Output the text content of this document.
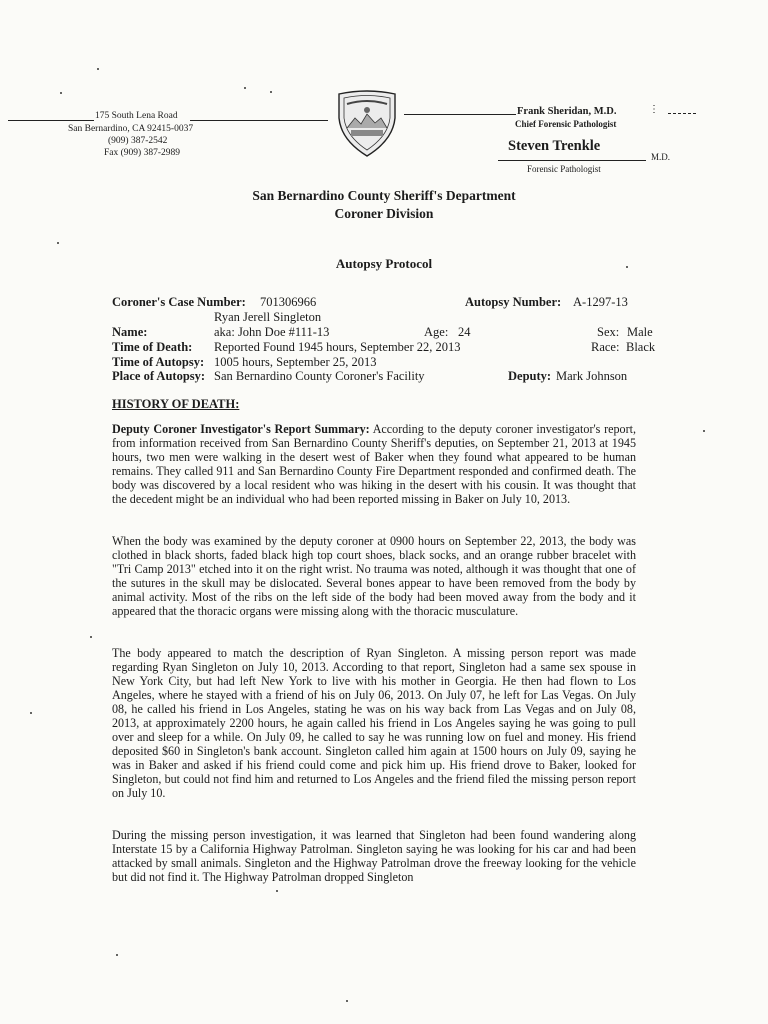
175 South Lena Road
San Bernardino, CA 92415-0037
(909) 387-2542
Fax (909) 387-2989
Frank Sheridan, M.D.
Chief Forensic Pathologist
⋮
Steven Trenkle
M.D.
Forensic Pathologist
San Bernardino County Sheriff's Department
Coroner Division
Autopsy Protocol
Coroner's Case Number: 701306966	Autopsy Number: A-1297-13
Ryan Jerell Singleton
Name:	aka: John Doe #111-13	Age: 24	Sex: Male
Time of Death: Reported Found 1945 hours, September 22, 2013	Race: Black
Time of Autopsy: 1005 hours, September 25, 2013
Place of Autopsy: San Bernardino County Coroner's Facility	Deputy: Mark Johnson
HISTORY OF DEATH:
Deputy Coroner Investigator's Report Summary: According to the deputy coroner investigator's report, from information received from San Bernardino County Sheriff's deputies, on September 21, 2013 at 1945 hours, two men were walking in the desert west of Baker when they found what appeared to be human remains. They called 911 and San Bernardino County Fire Department responded and confirmed death. The body was discovered by a local resident who was hiking in the desert with his cousin. It was thought that the decedent might be an individual who had been reported missing in Baker on July 10, 2013.
When the body was examined by the deputy coroner at 0900 hours on September 22, 2013, the body was clothed in black shorts, faded black high top court shoes, black socks, and an orange rubber bracelet with "Tri Camp 2013" etched into it on the right wrist. No trauma was noted, although it was thought that one of the sutures in the skull may be dislocated. Several bones appear to have been removed from the body by animal activity. Most of the ribs on the left side of the body had been moved away from the body and it appeared that the thoracic organs were missing along with the thoracic musculature.
The body appeared to match the description of Ryan Singleton. A missing person report was made regarding Ryan Singleton on July 10, 2013. According to that report, Singleton had a same sex spouse in New York City, but had left New York to live with his mother in Georgia. He then had flown to Los Angeles, where he stayed with a friend of his on July 06, 2013. On July 07, he left for Las Vegas. On July 08, he called his friend in Los Angeles, stating he was on his way back from Las Vegas and on July 08, 2013, at approximately 2200 hours, he again called his friend in Los Angeles saying he was going to pull over and sleep for a while. On July 09, he called to say he was running low on fuel and money. His friend deposited $60 in Singleton's bank account. Singleton called him again at 1500 hours on July 09, saying he was in Baker and asked if his friend could come and pick him up. His friend drove to Baker, looked for Singleton, but could not find him and returned to Los Angeles and the friend filed the missing person report on July 10.
During the missing person investigation, it was learned that Singleton had been found wandering along Interstate 15 by a California Highway Patrolman. Singleton saying he was looking for his car and had been attacked by small animals. Singleton and the Highway Patrolman drove the freeway looking for the vehicle but did not find it. The Highway Patrolman dropped Singleton
